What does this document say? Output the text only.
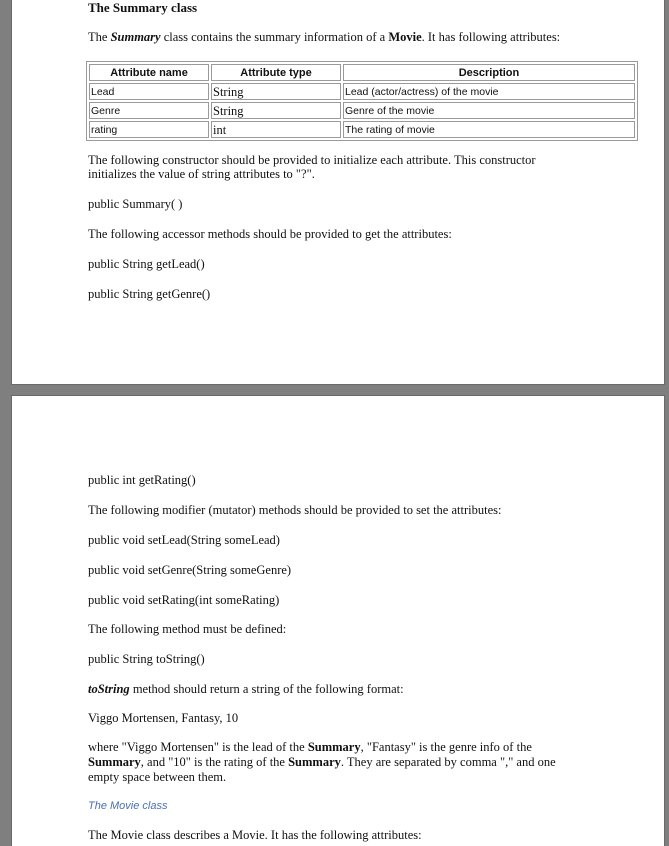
The Summary class
The Summary class contains the summary information of a Movie. It has following attributes:
Attribute name	Attribute type	Description
Lead	String	Lead (actor/actress) of the movie
Genre	String	Genre of the movie
rating	int	The rating of movie
The following constructor should be provided to initialize each attribute. This constructor
initializes the value of string attributes to "?".
public Summary( )
The following accessor methods should be provided to get the attributes:
public String getLead()
public String getGenre()
public int getRating()
The following modifier (mutator) methods should be provided to set the attributes:
public void setLead(String someLead)
public void setGenre(String someGenre)
public void setRating(int someRating)
The following method must be defined:
public String toString()
toString method should return a string of the following format:
Viggo Mortensen, Fantasy, 10
where "Viggo Mortensen" is the lead of the Summary, "Fantasy" is the genre info of the
Summary, and "10" is the rating of the Summary. They are separated by comma "," and one
empty space between them.
The Movie class
The Movie class describes a Movie. It has the following attributes:
